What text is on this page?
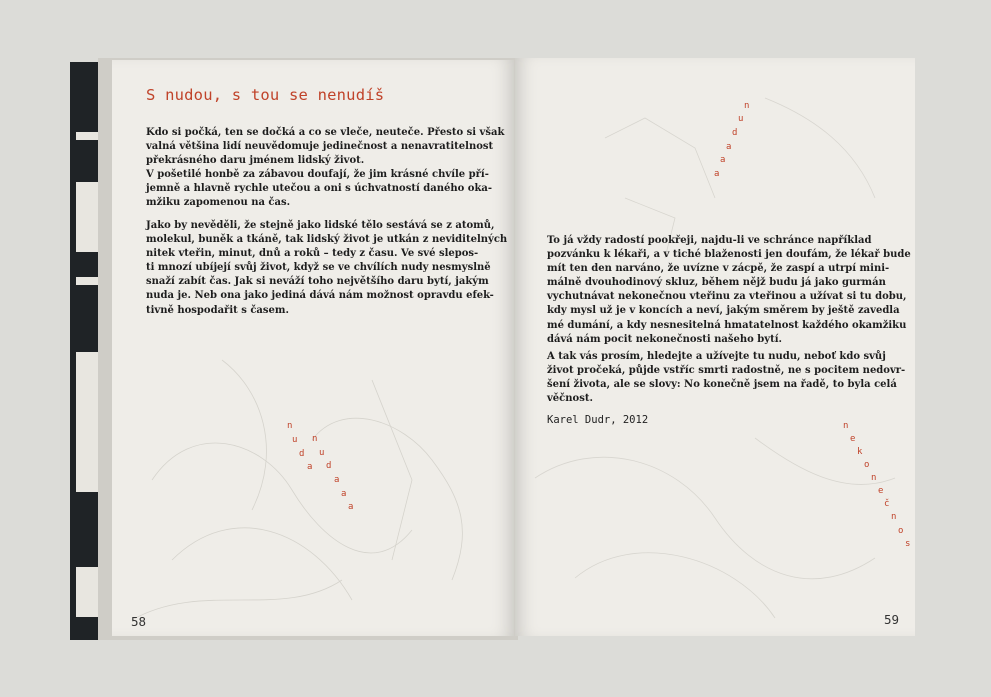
S nudou, s tou se nenudíš
Kdo si počká, ten se dočká a co se vleče, neuteče. Přesto si však
valná většina lidí neuvědomuje jedinečnost a nenavratitelnost
překrásného daru jménem lidský život.
V pošetilé honbě za zábavou doufají, že jim krásné chvíle pří-
jemně a hlavně rychle utečou a oni s úchvatností daného oka-
mžiku zapomenou na čas.
Jako by nevěděli, že stejně jako lidské tělo sestává se z atomů,
molekul, buněk a tkáně, tak lidský život je utkán z neviditelných
nitek vteřin, minut, dnů a roků – tedy z času. Ve své slepos-
ti mnozí ubíjejí svůj život, když se ve chvílích nudy nesmyslně
snaží zabít čas. Jak si neváží toho největšího daru bytí, jakým
nuda je. Neb ona jako jediná dává nám možnost opravdu efek-
tivně hospodařit s časem.
n
u n
d u
a d
a
a
a
58
n
u
d
a
a
a
To já vždy radostí pookřeji, najdu-li ve schránce například
pozvánku k lékaři, a v tiché blaženosti jen doufám, že lékař bude
mít ten den narváno, že uvízne v zácpě, že zaspí a utrpí mini-
málně dvouhodinový skluz, během nějž budu já jako gurmán
vychutnávat nekonečnou vteřinu za vteřinou a užívat si tu dobu,
kdy mysl už je v koncích a neví, jakým směrem by ještě zavedla
mé dumání, a kdy nesnesitelná hmatatelnost každého okamžiku
dává nám pocit nekonečnosti našeho bytí.
A tak vás prosím, hledejte a užívejte tu nudu, neboť kdo svůj
život pročeká, půjde vstříc smrti radostně, ne s pocitem nedovr-
šení života, ale se slovy: No konečně jsem na řadě, to byla celá
věčnost.
Karel Dudr, 2012	n
e
k
o
n
e
č
n
o
s
59
